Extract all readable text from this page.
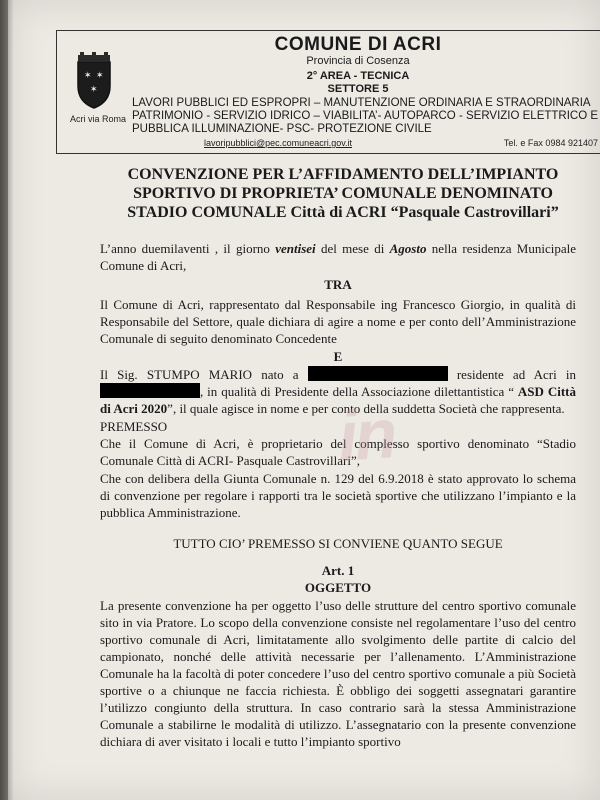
✶ ✶
✶
Acri via Roma
COMUNE DI ACRI
Provincia di Cosenza
2° AREA - TECNICA
SETTORE 5
LAVORI PUBBLICI ED ESPROPRI – MANUTENZIONE ORDINARIA E STRAORDINARIA PATRIMONIO - SERVIZIO IDRICO – VIABILITA’- AUTOPARCO - SERVIZIO ELETTRICO E PUBBLICA ILLUMINAZIONE- PSC- PROTEZIONE CIVILE
lavoripubblici@pec.comuneacri.gov.it	Tel. e Fax 0984 921407
CONVENZIONE PER L’AFFIDAMENTO DELL’IMPIANTO SPORTIVO DI PROPRIETA’ COMUNALE DENOMINATO STADIO COMUNALE Città di ACRI “Pasquale Castrovillari”
L’anno duemilaventi , il giorno ventisei del mese di Agosto nella residenza Municipale Comune di Acri,
TRA
Il Comune di Acri, rappresentato dal Responsabile ing Francesco Giorgio, in qualità di Responsabile del Settore, quale dichiara di agire a nome e per conto dell’Amministrazione Comunale di seguito denominato Concedente
E
Il Sig. STUMPO MARIO nato a	residente ad Acri in , in qualità di Presidente della Associazione dilettantistica “ ASD Città di Acri 2020”, il quale agisce in nome e per conto della suddetta Società che rappresenta.
PREMESSO
Che il Comune di Acri, è proprietario del complesso sportivo denominato “Stadio Comunale Città di ACRI- Pasquale Castrovillari”,
Che con delibera della Giunta Comunale n. 129 del 6.9.2018 è stato approvato lo schema di convenzione per regolare i rapporti tra le società sportive che utilizzano l’impianto e la pubblica Amministrazione.
TUTTO CIO’ PREMESSO SI CONVIENE QUANTO SEGUE
Art. 1
OGGETTO
La presente convenzione ha per oggetto l’uso delle strutture del centro sportivo comunale sito in via Pratore. Lo scopo della convenzione consiste nel regolamentare l’uso del centro sportivo comunale di Acri, limitatamente allo svolgimento delle partite di calcio del campionato, nonché delle attività necessarie per l’allenamento. L’Amministrazione Comunale ha la facoltà di poter concedere l’uso del centro sportivo comunale a più Società sportive o a chiunque ne faccia richiesta. È obbligo dei soggetti assegnatari garantire l’utilizzo congiunto della struttura. In caso contrario sarà la stessa Amministrazione Comunale a stabilirne le modalità di utilizzo. L’assegnatario con la presente convenzione dichiara di aver visitato i locali e tutto l’impianto sportivo
in
